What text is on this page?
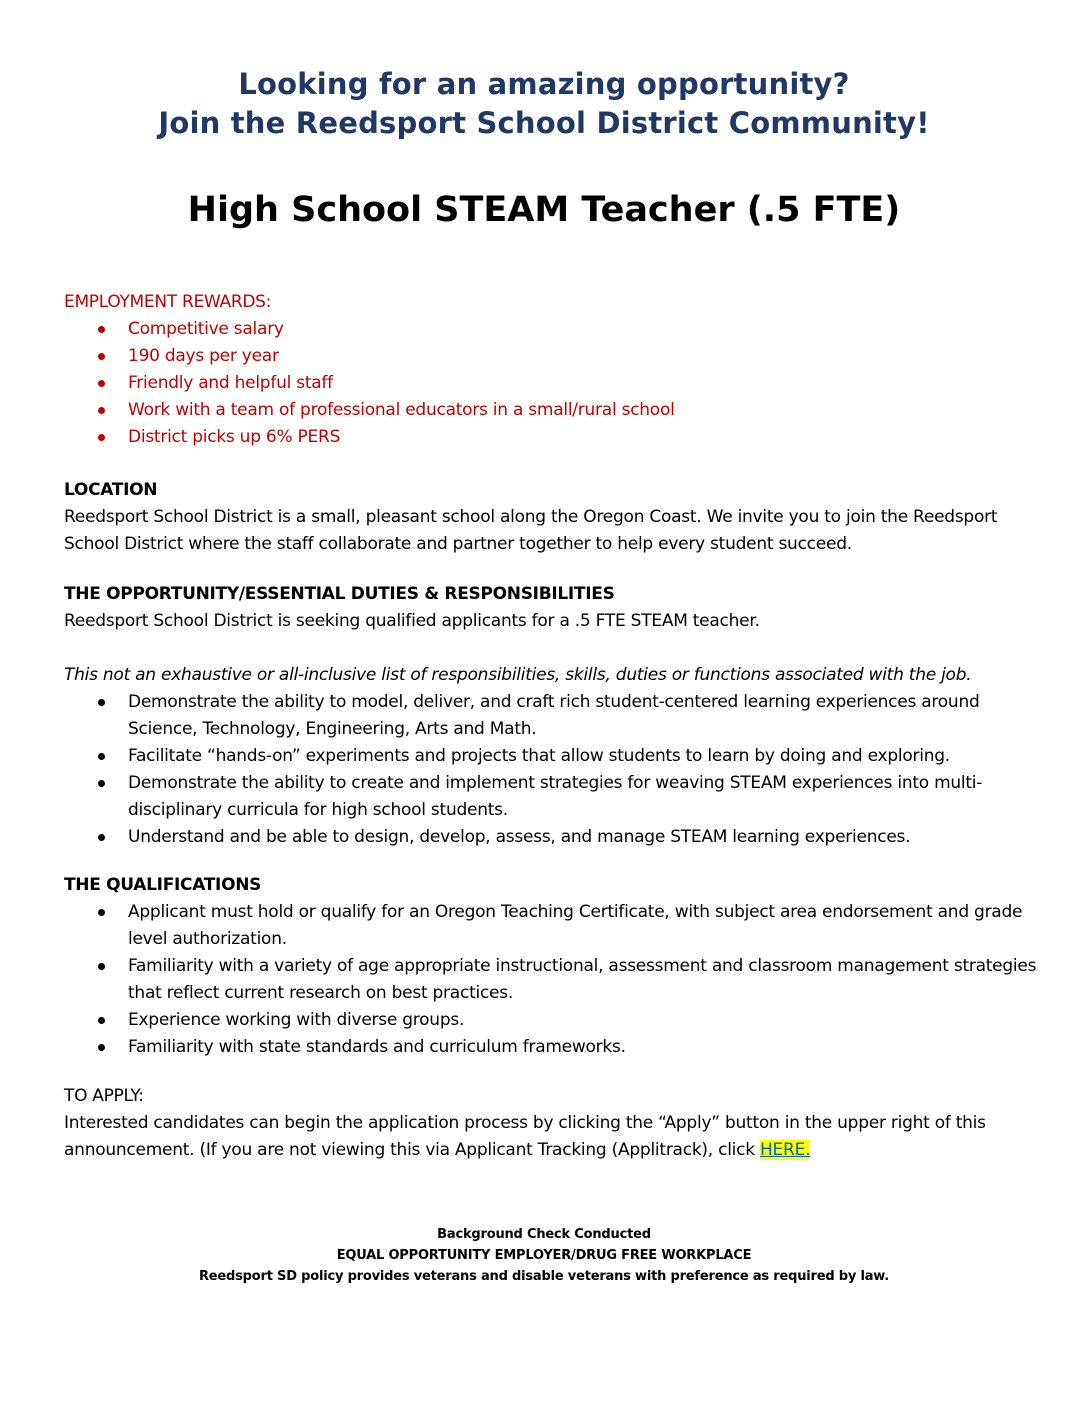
Looking for an amazing opportunity?

Join the Reedsport School District Community!

High School STEAM Teacher (.5 FTE)

EMPLOYMENT REWARDS:

Competitive salary
190 days per year
Friendly and helpful staff
Work with a team of professional educators in a small/rural school
District picks up 6% PERS

LOCATION

Reedsport School District is a small, pleasant school along the Oregon Coast. We invite you to join the Reedsport School District where the staff collaborate and partner together to help every student succeed.

THE OPPORTUNITY/ESSENTIAL DUTIES & RESPONSIBILITIES

Reedsport School District is seeking qualified applicants for a .5 FTE STEAM teacher.

This not an exhaustive or all-inclusive list of responsibilities, skills, duties or functions associated with the job.

Demonstrate the ability to model, deliver, and craft rich student-centered learning experiences around Science, Technology, Engineering, Arts and Math.
Facilitate “hands-on” experiments and projects that allow students to learn by doing and exploring.
Demonstrate the ability to create and implement strategies for weaving STEAM experiences into multi-disciplinary curricula for high school students.
Understand and be able to design, develop, assess, and manage STEAM learning experiences.

THE QUALIFICATIONS

Applicant must hold or qualify for an Oregon Teaching Certificate, with subject area endorsement and grade level authorization.
Familiarity with a variety of age appropriate instructional, assessment and classroom management strategies that reflect current research on best practices.
Experience working with diverse groups.
Familiarity with state standards and curriculum frameworks.

TO APPLY:

Interested candidates can begin the application process by clicking the “Apply” button in the upper right of this announcement. (If you are not viewing this via Applicant Tracking (Applitrack), click HERE.

Background Check Conducted

EQUAL OPPORTUNITY EMPLOYER/DRUG FREE WORKPLACE

Reedsport SD policy provides veterans and disable veterans with preference as required by law.
